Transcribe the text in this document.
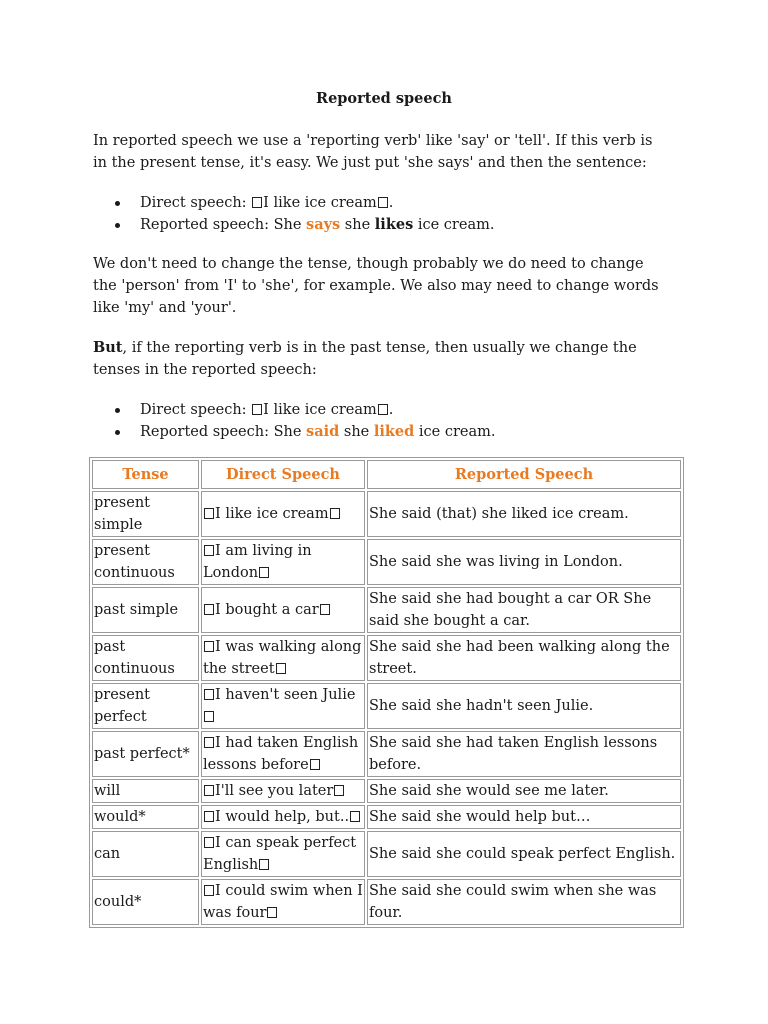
Reported speech

In reported speech we use a 'reporting verb' like 'say' or 'tell'. If this verb is in the present tense, it's easy. We just put 'she says' and then the sentence:

Direct speech: I like ice cream .
Reported speech: She says she likes ice cream.

We don't need to change the tense, though probably we do need to change the 'person' from 'I' to 'she', for example. We also may need to change words like 'my' and 'your'.

But, if the reporting verb is in the past tense, then usually we change the tenses in the reported speech:

Direct speech: I like ice cream .
Reported speech: She said she liked ice cream.
Tense	Direct Speech	Reported Speech
present simple	I like ice cream	She said (that) she liked ice cream.
present continuous	I am living in London	She said she was living in London.
past simple	I bought a car	She said she had bought a car OR She said she bought a car.
past continuous	I was walking along the street	She said she had been walking along the street.
present perfect	I haven't seen Julie	She said she hadn't seen Julie.
past perfect*	I had taken English lessons before	She said she had taken English lessons before.
will	I'll see you later	She said she would see me later.
would*	I would help, but..	She said she would help but…
can	I can speak perfect English	She said she could speak perfect English.
could*	I could swim when I was four	She said she could swim when she was four.
